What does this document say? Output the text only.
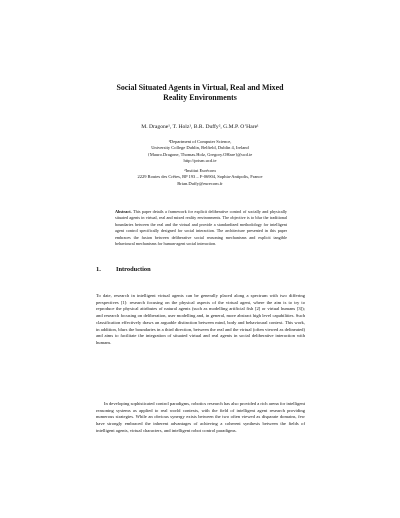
Social Situated Agents in Virtual, Real and Mixed
Reality Environments
M. Dragone¹, T. Holz¹, B.R. Duffy², G.M.P. O’Hare¹
¹Department of Computer Science,
University College Dublin, Belfield, Dublin 4, Ireland
{Mauro.Dragone, Thomas.Holz, Gregory.OHare}@ucd.ie
http://prism.ucd.ie
²Institut Eurécom
2229 Routes des Crêtes, BP 193 – F-06904, Sophia-Antipolis, France
Brian.Duffy@eurecom.fr
Abstract. This paper details a framework for explicit deliberative control of socially and physically situated agents in virtual, real and mixed reality environments. The objective is to blur the traditional boundaries between the real and the virtual and provide a standardized methodology for intelligent agent control specifically designed for social interaction. The architecture presented in this paper embraces the fusion between deliberative social reasoning mechanisms and explicit tangible behavioural mechanisms for human-agent social interaction.
1. Introduction
To date, research in intelligent virtual agents can be generally placed along a spectrum with two differing perspectives [1]: research focusing on the physical aspects of the virtual agent, where the aim is to try to reproduce the physical attributes of natural agents (such as modelling artificial fish [2] or virtual humans [3]); and research focusing on deliberation, user modelling and, in general, more abstract high level capabilities. Such classification effectively draws an arguable distinction between mind, body and behavioural context. This work, in addition, blurs the boundaries in a third direction, between the real and the virtual (often viewed as delineated) and aims to facilitate the integration of situated virtual and real agents in social deliberative interaction with humans.
In developing sophisticated control paradigms, robotics research has also provided a rich arena for intelligent reasoning systems as applied to real world contexts, with the field of intelligent agent research providing numerous strategies. While an obvious synergy exists between the two often viewed as disparate domains, few have strongly embraced the inherent advantages of achieving a coherent synthesis between the fields of intelligent agents, virtual characters, and intelligent robot control paradigms.
